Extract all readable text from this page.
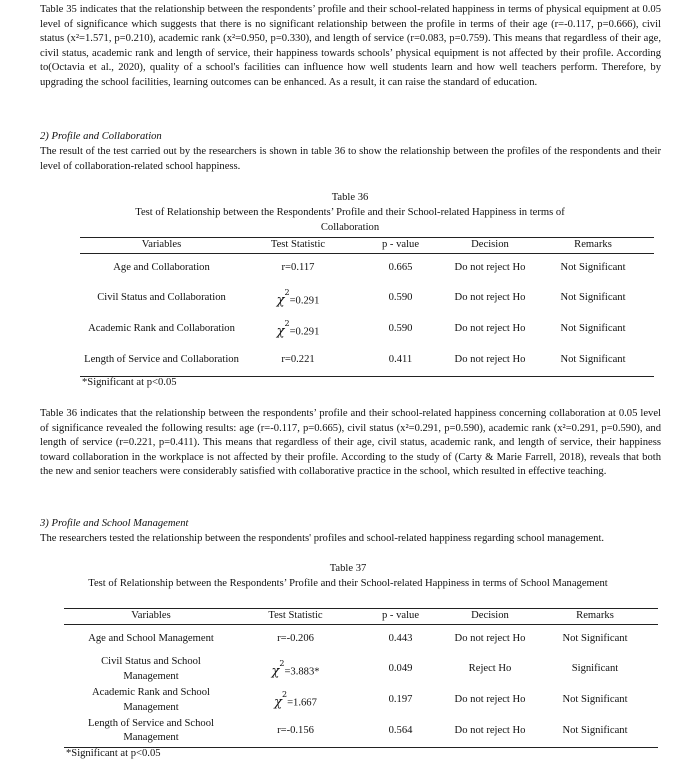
Table 35 indicates that the relationship between the respondents’ profile and their school-related happiness in terms of physical equipment at 0.05 level of significance which suggests that there is no significant relationship between the profile in terms of their age (r=-0.117, p=0.666), civil status (x²=1.571, p=0.210), academic rank (x²=0.950, p=0.330), and length of service (r=0.083, p=0.759). This means that regardless of their age, civil status, academic rank and length of service, their happiness towards schools’ physical equipment is not affected by their profile. According to(Octavia et al., 2020), quality of a school's facilities can influence how well students learn and how well teachers perform. Therefore, by upgrading the school facilities, learning outcomes can be enhanced. As a result, it can raise the standard of education.

2) Profile and Collaboration

The result of the test carried out by the researchers is shown in table 36 to show the relationship between the profiles of the respondents and their level of collaboration-related school happiness.

Table 36

Test of Relationship between the Respondents’ Profile and their School-related Happiness in terms of Collaboration

Variables	Test Statistic	p - value	Decision	Remarks
Age and Collaboration	r=0.117	0.665	Do not reject Ho	Not Significant
Civil Status and Collaboration	$\chi^2=0.291$	0.590	Do not reject Ho	Not Significant
Academic Rank and Collaboration	$\chi^2=0.291$	0.590	Do not reject Ho	Not Significant
Length of Service and Collaboration	r=0.221	0.411	Do not reject Ho	Not Significant

*Significant at p<0.05

Table 36 indicates that the relationship between the respondents’ profile and their school-related happiness concerning collaboration at 0.05 level of significance revealed the following results: age (r=-0.117, p=0.665), civil status (x²=0.291, p=0.590), academic rank (x²=0.291, p=0.590), and length of service (r=0.221, p=0.411). This means that regardless of their age, civil status, academic rank, and length of service, their happiness toward collaboration in the workplace is not affected by their profile. According to the study of (Carty & Marie Farrell, 2018), reveals that both the new and senior teachers were considerably satisfied with collaborative practice in the school, which resulted in effective teaching.

3) Profile and School Management

The researchers tested the relationship between the respondents' profiles and school-related happiness regarding school management.

Table 37

Test of Relationship between the Respondents’ Profile and their School-related Happiness in terms of School Management

Variables	Test Statistic	p - value	Decision	Remarks
Age and School Management	r=-0.206	0.443	Do not reject Ho	Not Significant
Civil Status and School Management	$\chi^2=3.883*$	0.049	Reject Ho	Significant
Academic Rank and School Management	$\chi^2=1.667$	0.197	Do not reject Ho	Not Significant
Length of Service and School Management	r=-0.156	0.564	Do not reject Ho	Not Significant

*Significant at p<0.05
